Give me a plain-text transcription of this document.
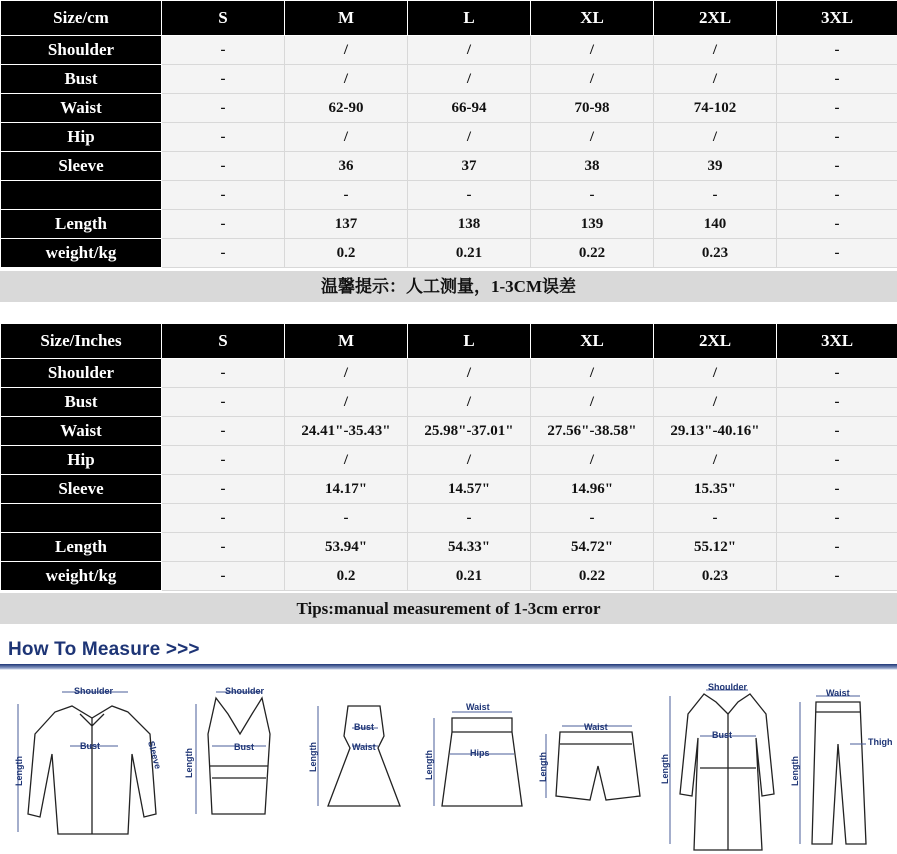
Size/cm	S	M	L	XL	2XL	3XL
Shoulder	-	/	/	/	/	-
Bust	-	/	/	/	/	-
Waist	-	62-90	66-94	70-98	74-102	-
Hip	-	/	/	/	/	-
Sleeve	-	36	37	38	39	-
	-	-	-	-	-	-
Length	-	137	138	139	140	-
weight/kg	-	0.2	0.21	0.22	0.23	-
温馨提示：人工测量，1-3CM误差
Size/Inches	S	M	L	XL	2XL	3XL
Shoulder	-	/	/	/	/	-
Bust	-	/	/	/	/	-
Waist	-	24.41"-35.43"	25.98"-37.01"	27.56"-38.58"	29.13"-40.16"	-
Hip	-	/	/	/	/	-
Sleeve	-	14.17"	14.57"	14.96"	15.35"	-
	-	-	-	-	-	-
Length	-	53.94"	54.33"	54.72"	55.12"	-
weight/kg	-	0.2	0.21	0.22	0.23	-
Tips:manual measurement of 1-3cm error
How To Measure >>>
Shoulder
Bust
Length
Sleeve
Shoulder
Bust
Length
Bust
Waist
Length
Waist
Hips
Length
Waist
Length
Shoulder
Bust
Length
Waist
Thigh
Length
